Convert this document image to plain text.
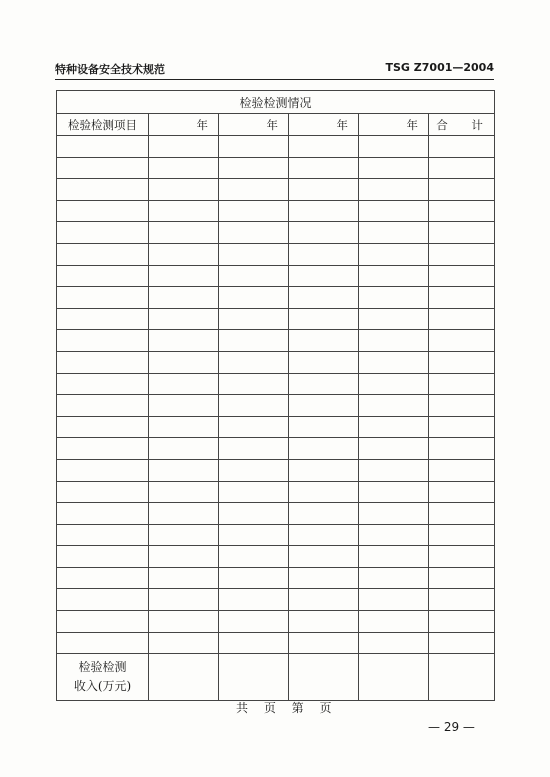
特种设备安全技术规范	TSG Z7001—2004
检验检测情况					
检验检测项目	年	年	年	年	合 计

检验检测
收入(万元)					
共 页 第 页
— 29 —
